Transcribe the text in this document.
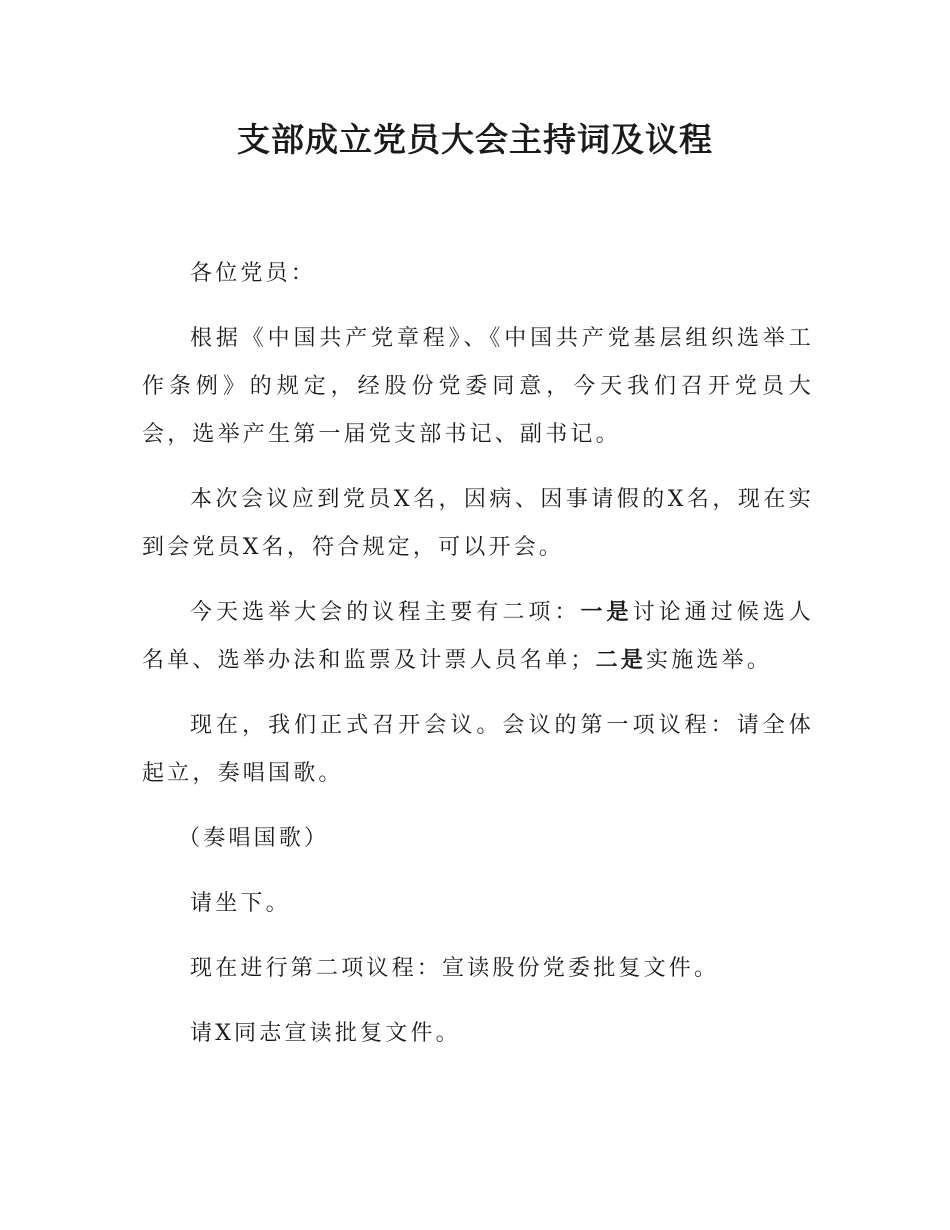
支部成立党员大会主持词及议程

各位党员：

根据《中国共产党章程》、《中国共产党基层组织选举工作条例》的规定，经股份党委同意，今天我们召开党员大会，选举产生第一届党支部书记、副书记。

本次会议应到党员X名，因病、因事请假的X名，现在实到会党员X名，符合规定，可以开会。

今天选举大会的议程主要有二项：一是讨论通过候选人名单、选举办法和监票及计票人员名单；二是实施选举。

现在，我们正式召开会议。会议的第一项议程：请全体起立，奏唱国歌。

（奏唱国歌）

请坐下。

现在进行第二项议程：宣读股份党委批复文件。

请X同志宣读批复文件。
